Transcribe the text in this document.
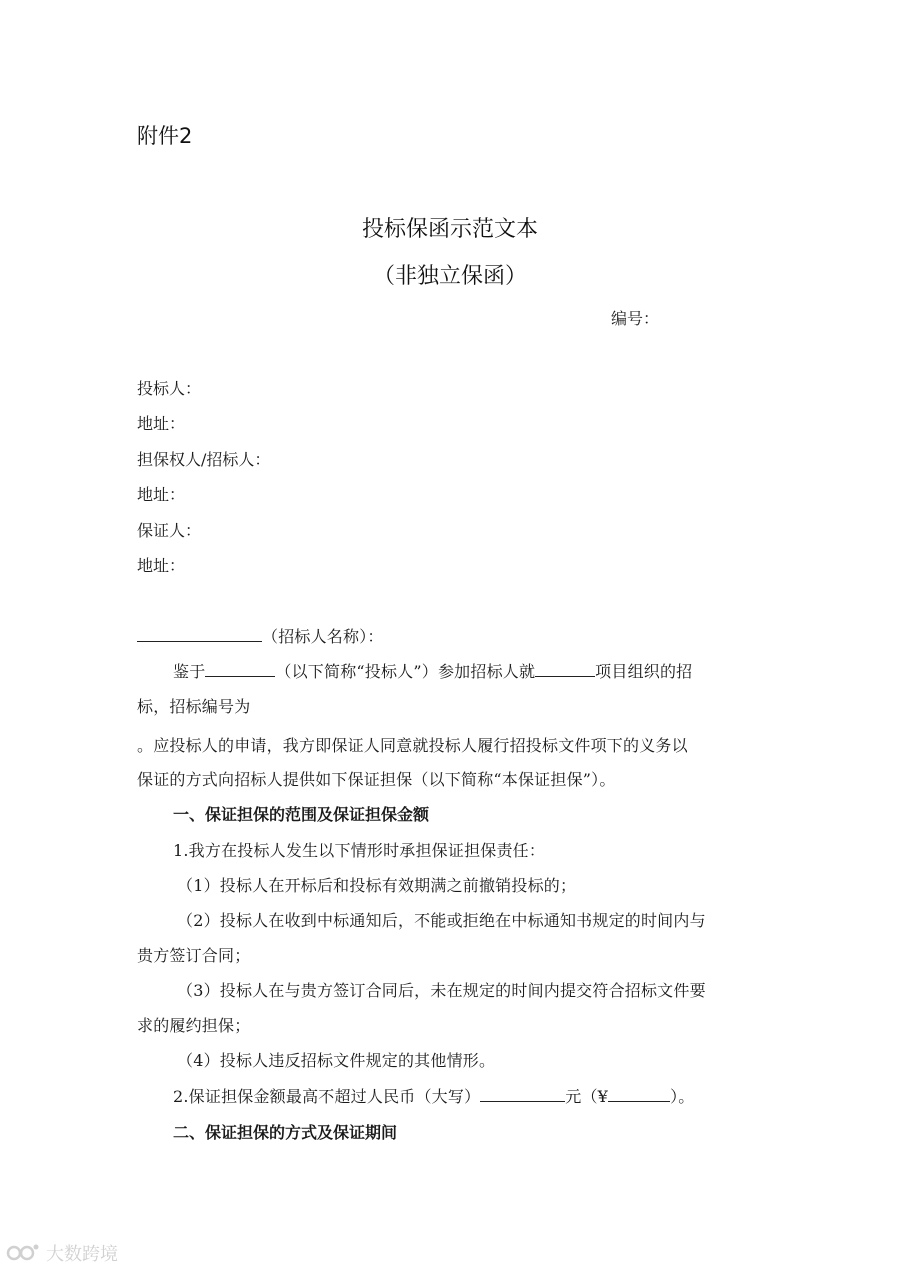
附件2
投标保函示范文本
（非独立保函）
编号：
投标人：
地址：
担保权人/招标人：
地址：
保证人：
地址：
（招标人名称）：
鉴于	（以下简称“投标人”）参加招标人就	项目组织的招
标，招标编号为
。应投标人的申请，我方即保证人同意就投标人履行招投标文件项下的义务以
保证的方式向招标人提供如下保证担保（以下简称“本保证担保”）。
一、保证担保的范围及保证担保金额
1.我方在投标人发生以下情形时承担保证担保责任：
（1）投标人在开标后和投标有效期满之前撤销投标的；
（2）投标人在收到中标通知后，不能或拒绝在中标通知书规定的时间内与
贵方签订合同；
（3）投标人在与贵方签订合同后，未在规定的时间内提交符合招标文件要
求的履约担保；
（4）投标人违反招标文件规定的其他情形。
2.保证担保金额最高不超过人民币（大写）	元（¥	）。
二、保证担保的方式及保证期间
大数跨境
